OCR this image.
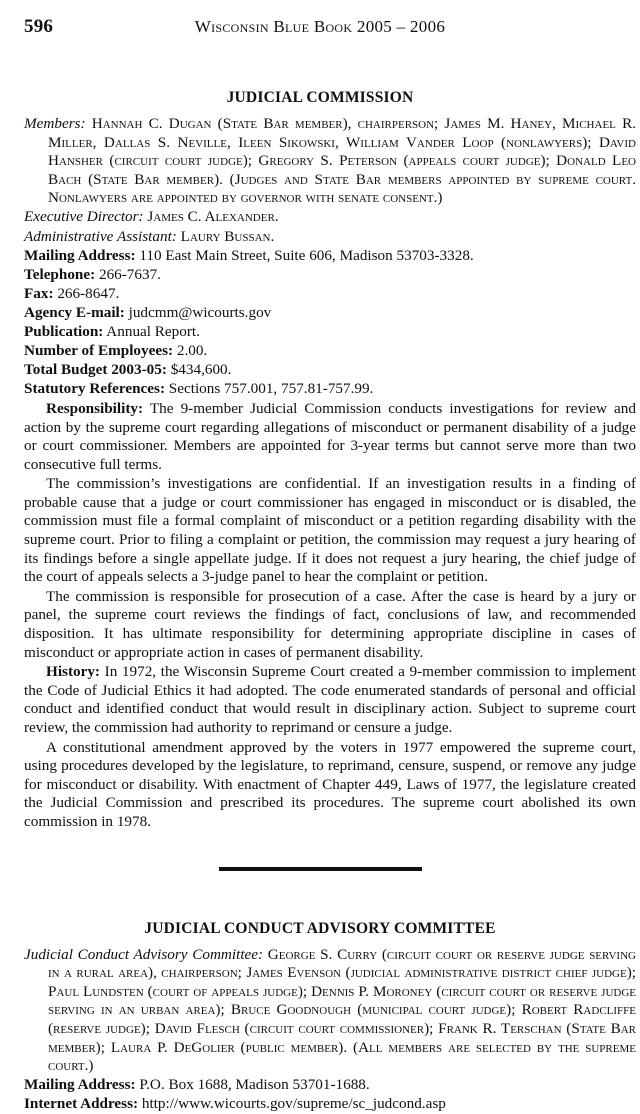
596	Wisconsin Blue Book 2005 – 2006
JUDICIAL COMMISSION
Members: Hannah C. Dugan (State Bar member), chairperson; James M. Haney, Michael R. Miller, Dallas S. Neville, Ileen Sikowski, William Vander Loop (nonlawyers); David Hansher (circuit court judge); Gregory S. Peterson (appeals court judge); Donald Leo Bach (State Bar member). (Judges and State Bar members appointed by supreme court. Nonlawyers are appointed by governor with senate consent.)
Executive Director: James C. Alexander.
Administrative Assistant: Laury Bussan.
Mailing Address: 110 East Main Street, Suite 606, Madison 53703-3328.
Telephone: 266-7637.
Fax: 266-8647.
Agency E-mail: judcmm@wicourts.gov
Publication: Annual Report.
Number of Employees: 2.00.
Total Budget 2003-05: $434,600.
Statutory References: Sections 757.001, 757.81-757.99.
Responsibility: The 9-member Judicial Commission conducts investigations for review and action by the supreme court regarding allegations of misconduct or permanent disability of a judge or court commissioner. Members are appointed for 3-year terms but cannot serve more than two consecutive full terms.
The commission’s investigations are confidential. If an investigation results in a finding of probable cause that a judge or court commissioner has engaged in misconduct or is disabled, the commission must file a formal complaint of misconduct or a petition regarding disability with the supreme court. Prior to filing a complaint or petition, the commission may request a jury hearing of its findings before a single appellate judge. If it does not request a jury hearing, the chief judge of the court of appeals selects a 3-judge panel to hear the complaint or petition.
The commission is responsible for prosecution of a case. After the case is heard by a jury or panel, the supreme court reviews the findings of fact, conclusions of law, and recommended disposition. It has ultimate responsibility for determining appropriate discipline in cases of misconduct or appropriate action in cases of permanent disability.
History: In 1972, the Wisconsin Supreme Court created a 9-member commission to implement the Code of Judicial Ethics it had adopted. The code enumerated standards of personal and official conduct and identified conduct that would result in disciplinary action. Subject to supreme court review, the commission had authority to reprimand or censure a judge.
A constitutional amendment approved by the voters in 1977 empowered the supreme court, using procedures developed by the legislature, to reprimand, censure, suspend, or remove any judge for misconduct or disability. With enactment of Chapter 449, Laws of 1977, the legislature created the Judicial Commission and prescribed its procedures. The supreme court abolished its own commission in 1978.
JUDICIAL CONDUCT ADVISORY COMMITTEE
Judicial Conduct Advisory Committee: George S. Curry (circuit court or reserve judge serving in a rural area), chairperson; James Evenson (judicial administrative district chief judge); Paul Lundsten (court of appeals judge); Dennis P. Moroney (circuit court or reserve judge serving in an urban area); Bruce Goodnough (municipal court judge); Robert Radcliffe (reserve judge); David Flesch (circuit court commissioner); Frank R. Terschan (State Bar member); Laura P. DeGolier (public member). (All members are selected by the supreme court.)
Mailing Address: P.O. Box 1688, Madison 53701-1688.
Internet Address: http://www.wicourts.gov/supreme/sc_judcond.asp
